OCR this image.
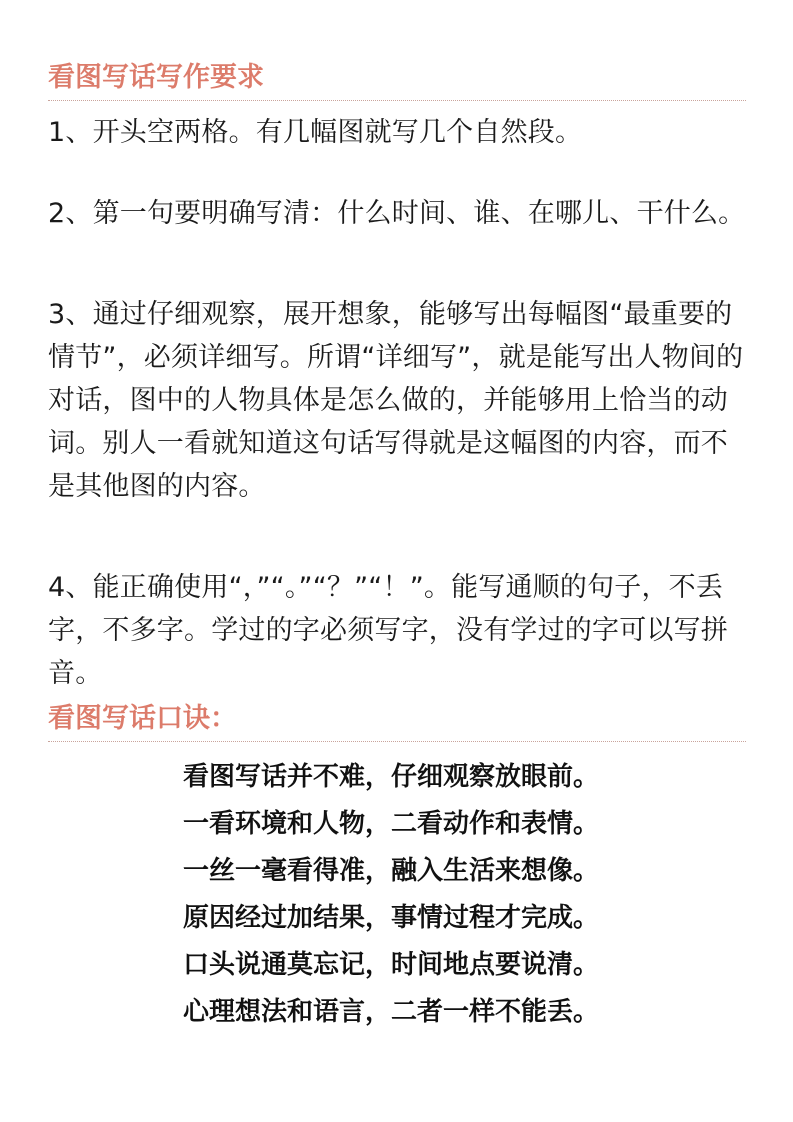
看图写话写作要求

1、开头空两格。有几幅图就写几个自然段。

2、第一句要明确写清：什么时间、谁、在哪儿、干什么。

3、通过仔细观察，展开想象，能够写出每幅图“最重要的情节”，必须详细写。所谓“详细写”，就是能写出人物间的对话，图中的人物具体是怎么做的，并能够用上恰当的动词。别人一看就知道这句话写得就是这幅图的内容，而不是其他图的内容。

4、能正确使用“，”“。”“？”“！”。能写通顺的句子，不丢字，不多字。学过的字必须写字，没有学过的字可以写拼音。

看图写话口诀：

看图写话并不难，仔细观察放眼前。

一看环境和人物，二看动作和表情。

一丝一毫看得准，融入生活来想像。

原因经过加结果，事情过程才完成。

口头说通莫忘记，时间地点要说清。

心理想法和语言，二者一样不能丢。
